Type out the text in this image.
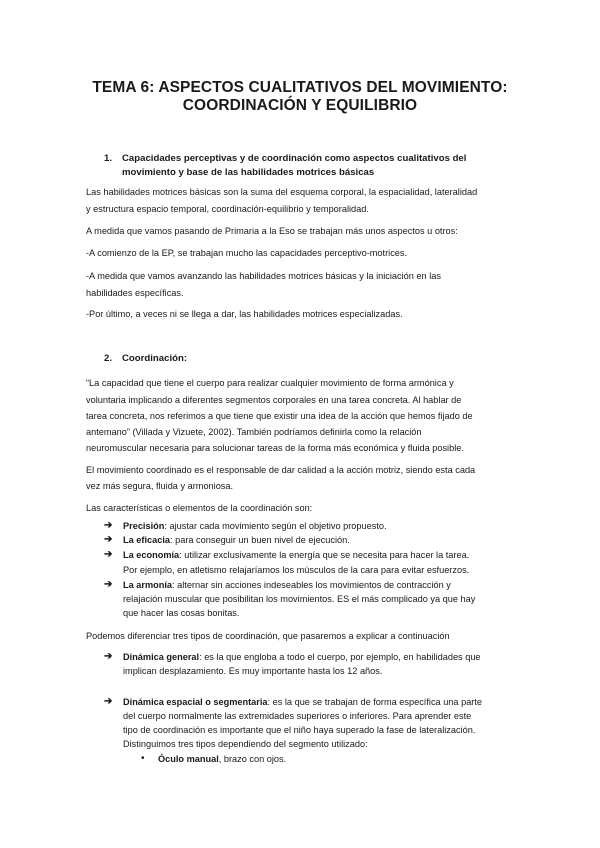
TEMA 6: ASPECTOS CUALITATIVOS DEL MOVIMIENTO:
COORDINACIÓN Y EQUILIBRIO
1. Capacidades perceptivas y de coordinación como aspectos cualitativos del
movimiento y base de las habilidades motrices básicas
Las habilidades motrices básicas son la suma del esquema corporal, la espacialidad, lateralidad
y estructura espacio temporal, coordinación-equilibrio y temporalidad.
A medida que vamos pasando de Primaria a la Eso se trabajan más unos aspectos u otros:
-A comienzo de la EP, se trabajan mucho las capacidades perceptivo-motrices.
-A medida que vamos avanzando las habilidades motrices básicas y la iniciación en las
habilidades específicas.
-Por último, a veces ni se llega a dar, las habilidades motrices especializadas.
2. Coordinación:
“La capacidad que tiene el cuerpo para realizar cualquier movimiento de forma armónica y
voluntaria implicando a diferentes segmentos corporales en una tarea concreta. Al hablar de
tarea concreta, nos referimos a que tiene que existir una idea de la acción que hemos fijado de
antemano” (Villada y Vizuete, 2002). También podríamos definirla como la relación
neuromuscular necesaria para solucionar tareas de la forma más económica y fluida posible.
El movimiento coordinado es el responsable de dar calidad a la acción motriz, siendo esta cada
vez más segura, fluida y armoniosa.
Las características o elementos de la coordinación son:
➔ Precisión: ajustar cada movimiento según el objetivo propuesto.
➔ La eficacia: para conseguir un buen nivel de ejecución.
➔ La economía: utilizar exclusivamente la energía que se necesita para hacer la tarea.
Por ejemplo, en atletismo relajaríamos los músculos de la cara para evitar esfuerzos.
➔ La armonía: alternar sin acciones indeseables los movimientos de contracción y
relajación muscular que posibilitan los movimientos. ES el más complicado ya que hay
que hacer las cosas bonitas.
Podemos diferenciar tres tipos de coordinación, que pasaremos a explicar a continuación
➔ Dinámica general: es la que engloba a todo el cuerpo, por ejemplo, en habilidades que
implican desplazamiento. Es muy importante hasta los 12 años.
➔ Dinámica espacial o segmentaria: es la que se trabajan de forma específica una parte
del cuerpo normalmente las extremidades superiores o inferiores. Para aprender este
tipo de coordinación es importante que el niño haya superado la fase de lateralización.
Distinguimos tres tipos dependiendo del segmento utilizado:
• Óculo manual, brazo con ojos.
